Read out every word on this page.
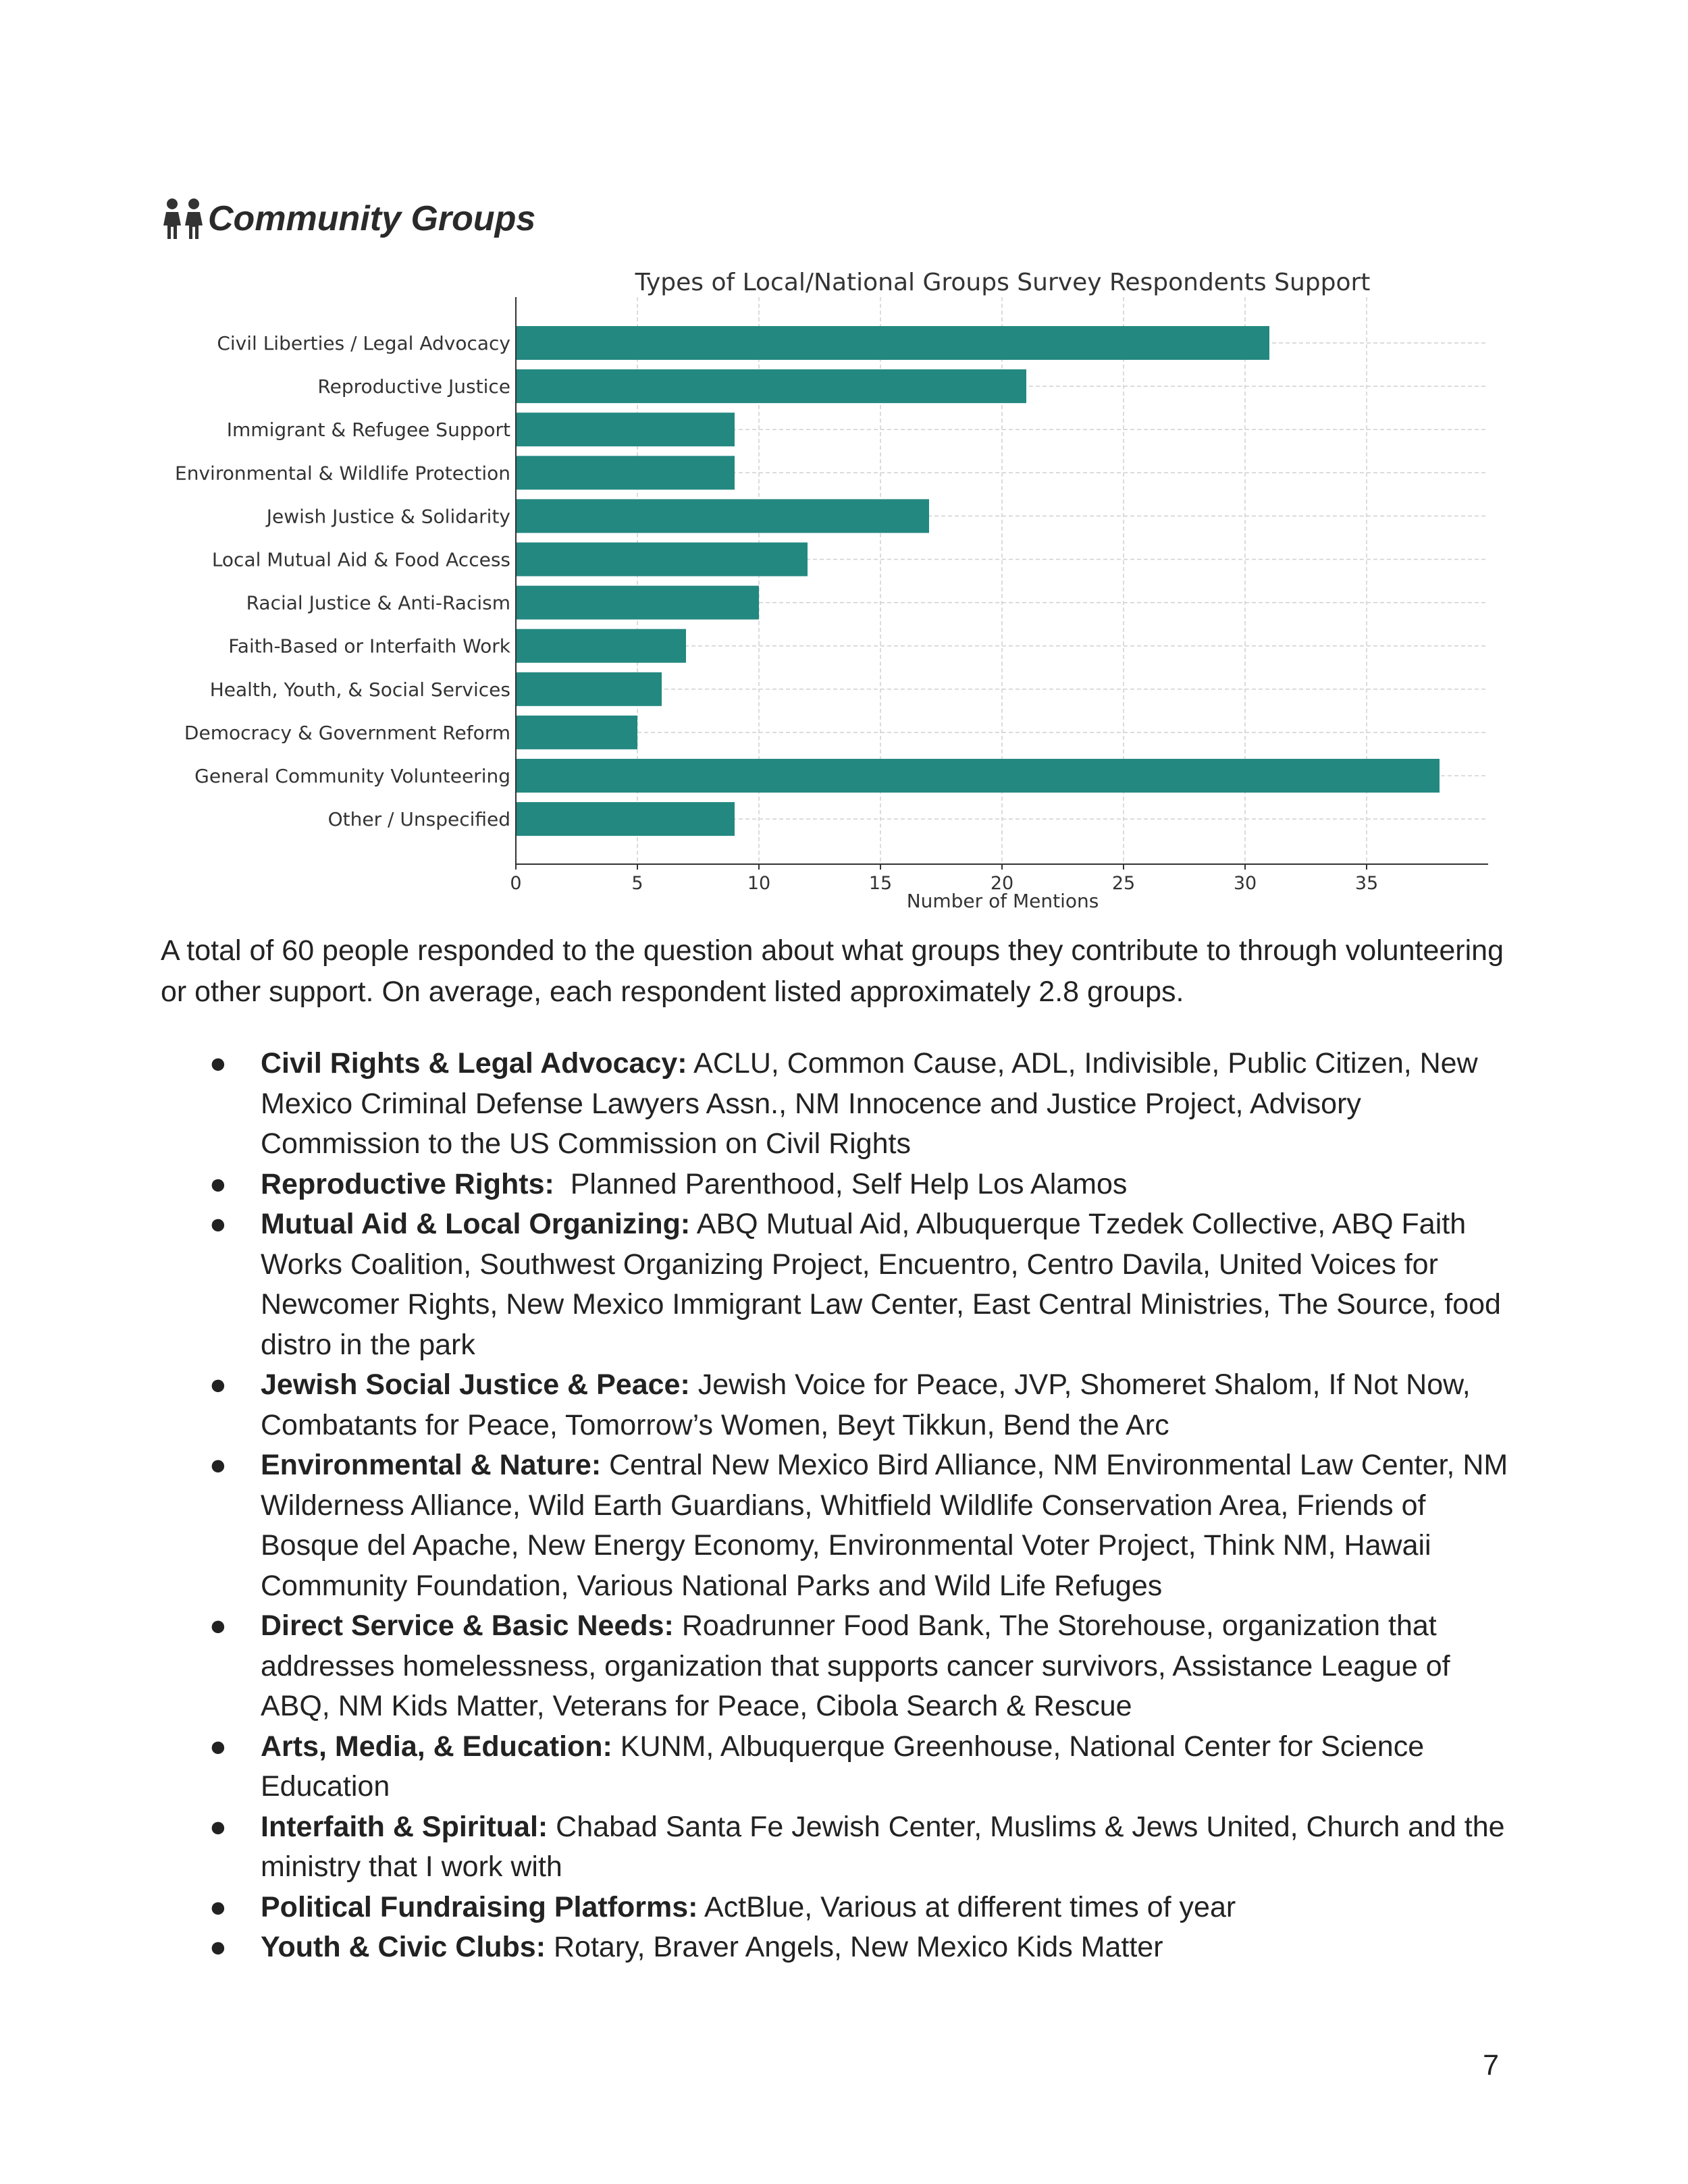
Community Groups
Types of Local/National Groups Survey Respondents Support
Civil Liberties / Legal Advocacy
Reproductive Justice
Immigrant & Refugee Support
Environmental & Wildlife Protection
Jewish Justice & Solidarity
Local Mutual Aid & Food Access
Racial Justice & Anti-Racism
Faith-Based or Interfaith Work
Health, Youth, & Social Services
Democracy & Government Reform
General Community Volunteering
Other / Unspecified
0	5	10	15	20	25	30	35
Number of Mentions

A total of 60 people responded to the question about what groups they contribute to through volunteering or other support. On average, each respondent listed approximately 2.8 groups.

● Civil Rights & Legal Advocacy: ACLU, Common Cause, ADL, Indivisible, Public Citizen, New Mexico Criminal Defense Lawyers Assn., NM Innocence and Justice Project, Advisory Commission to the US Commission on Civil Rights
● Reproductive Rights:  Planned Parenthood, Self Help Los Alamos
● Mutual Aid & Local Organizing: ABQ Mutual Aid, Albuquerque Tzedek Collective, ABQ Faith Works Coalition, Southwest Organizing Project, Encuentro, Centro Davila, United Voices for Newcomer Rights, New Mexico Immigrant Law Center, East Central Ministries, The Source, food distro in the park
● Jewish Social Justice & Peace: Jewish Voice for Peace, JVP, Shomeret Shalom, If Not Now, Combatants for Peace, Tomorrow’s Women, Beyt Tikkun, Bend the Arc
● Environmental & Nature: Central New Mexico Bird Alliance, NM Environmental Law Center, NM Wilderness Alliance, Wild Earth Guardians, Whitfield Wildlife Conservation Area, Friends of Bosque del Apache, New Energy Economy, Environmental Voter Project, Think NM, Hawaii Community Foundation, Various National Parks and Wild Life Refuges
● Direct Service & Basic Needs: Roadrunner Food Bank, The Storehouse, organization that addresses homelessness, organization that supports cancer survivors, Assistance League of ABQ, NM Kids Matter, Veterans for Peace, Cibola Search & Rescue
● Arts, Media, & Education: KUNM, Albuquerque Greenhouse, National Center for Science Education
● Interfaith & Spiritual: Chabad Santa Fe Jewish Center, Muslims & Jews United, Church and the ministry that I work with
● Political Fundraising Platforms: ActBlue, Various at different times of year
● Youth & Civic Clubs: Rotary, Braver Angels, New Mexico Kids Matter
7
